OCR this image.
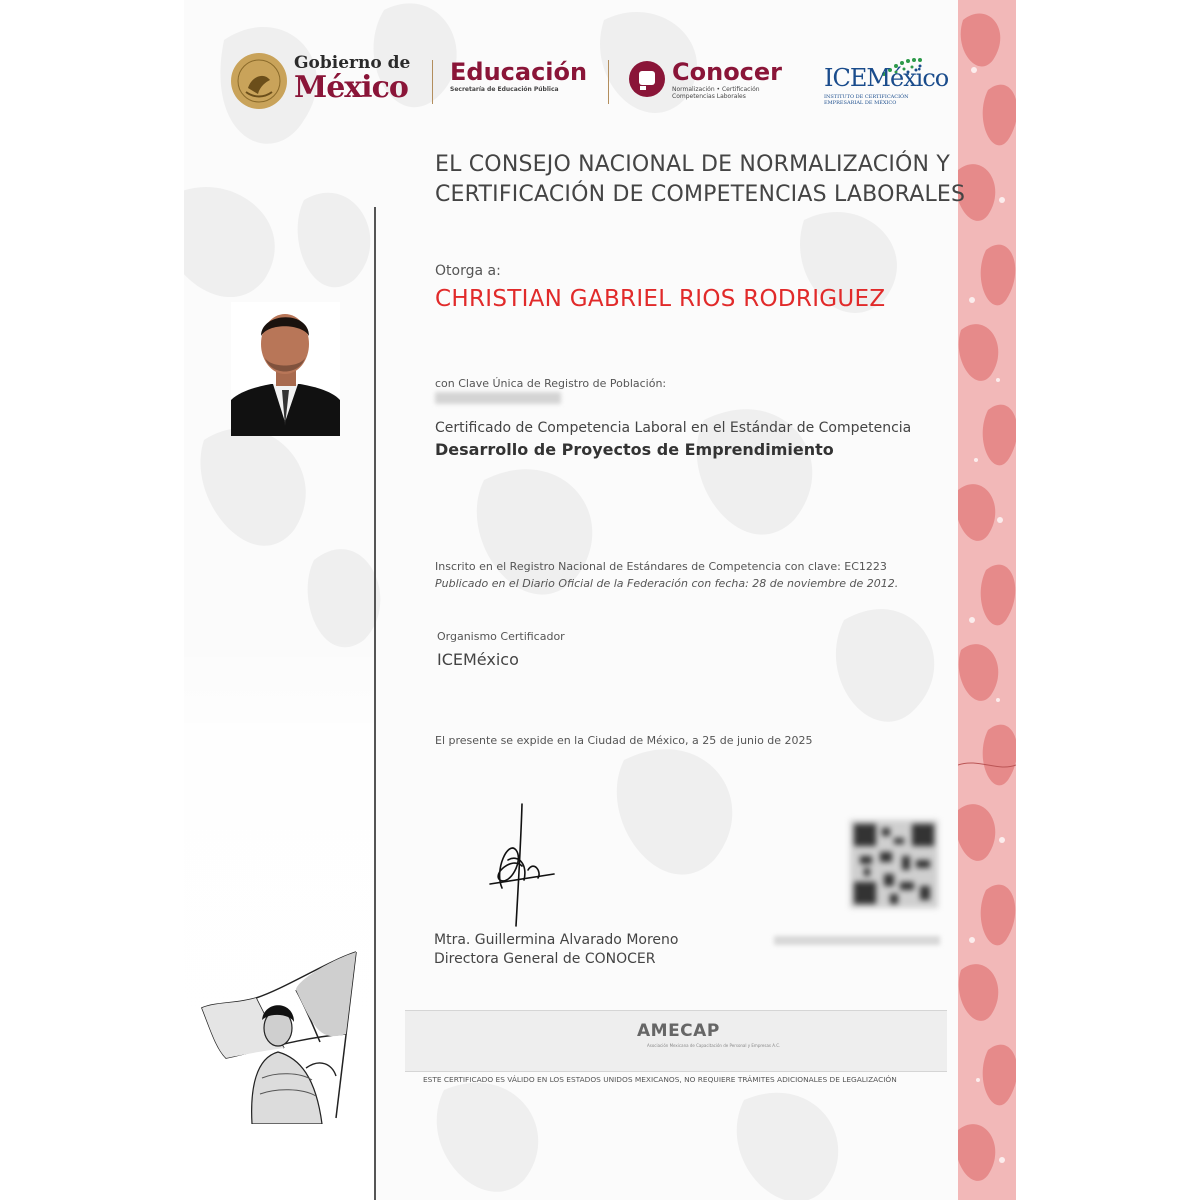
Gobierno de
México Educación
Secretaría de Educación Pública
Conocer
Normalización • Certificación
Competencias Laborales
ICEMéxico
INSTITUTO DE CERTIFICACIÓN
EMPRESARIAL DE MÉXICO
EL CONSEJO NACIONAL DE NORMALIZACIÓN Y
CERTIFICACIÓN DE COMPETENCIAS LABORALES
Otorga a:
CHRISTIAN GABRIEL RIOS RODRIGUEZ
con Clave Única de Registro de Población:
Certificado de Competencia Laboral en el Estándar de Competencia
Desarrollo de Proyectos de Emprendimiento
Inscrito en el Registro Nacional de Estándares de Competencia con clave: EC1223
Publicado en el Diario Oficial de la Federación con fecha: 28 de noviembre de 2012.
Organismo Certificador
ICEMéxico
El presente se expide en la Ciudad de México, a 25 de junio de 2025
Mtra. Guillermina Alvarado Moreno
Directora General de CONOCER
AMECAP
Asociación Mexicana de Capacitación de Personal y Empresas A.C.
ESTE CERTIFICADO ES VÁLIDO EN LOS ESTADOS UNIDOS MEXICANOS, NO REQUIERE TRÁMITES ADICIONALES DE LEGALIZACIÓN
